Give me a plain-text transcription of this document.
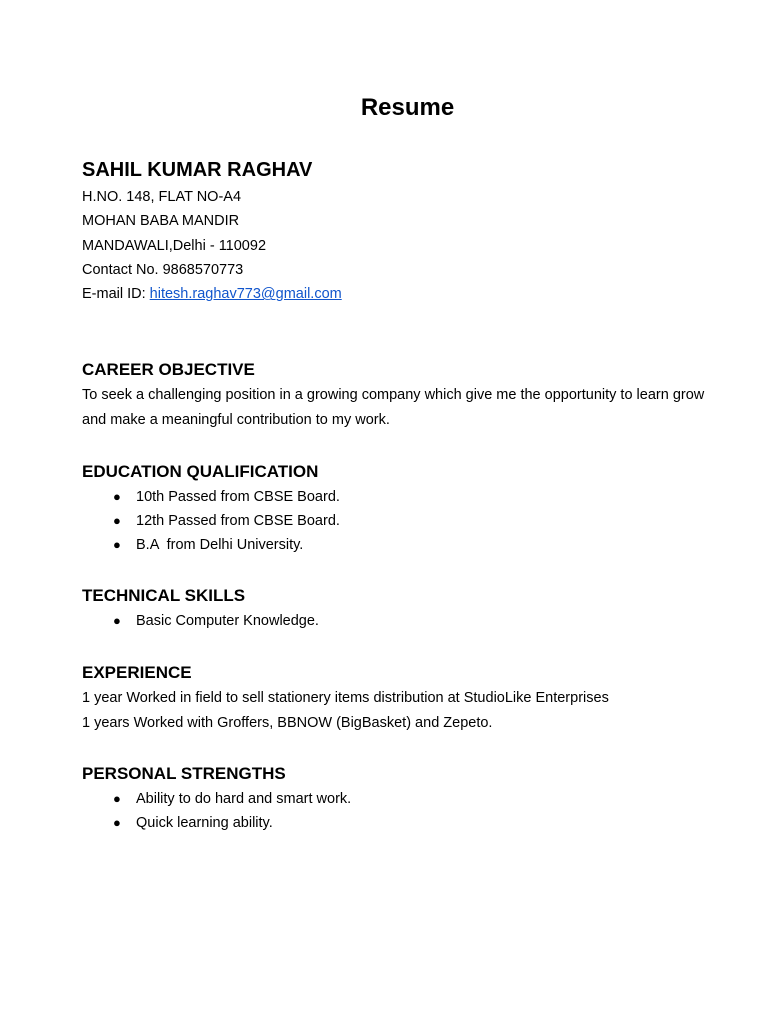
Resume
SAHIL KUMAR RAGHAV

H.NO. 148, FLAT NO-A4

MOHAN BABA MANDIR

MANDAWALI,Delhi - 110092

Contact No. 9868570773

E-mail ID: hitesh.raghav773@gmail.com

CAREER OBJECTIVE

To seek a challenging position in a growing company which give me the opportunity to learn grow and make a meaningful contribution to my work.

EDUCATION QUALIFICATION
● 10th Passed from CBSE Board.
● 12th Passed from CBSE Board.
● B.A  from Delhi University.
TECHNICAL SKILLS
● Basic Computer Knowledge.
EXPERIENCE

1 year Worked in field to sell stationery items distribution at StudioLike Enterprises

1 years Worked with Groffers, BBNOW (BigBasket) and Zepeto.

PERSONAL STRENGTHS
● Ability to do hard and smart work.
● Quick learning ability.
